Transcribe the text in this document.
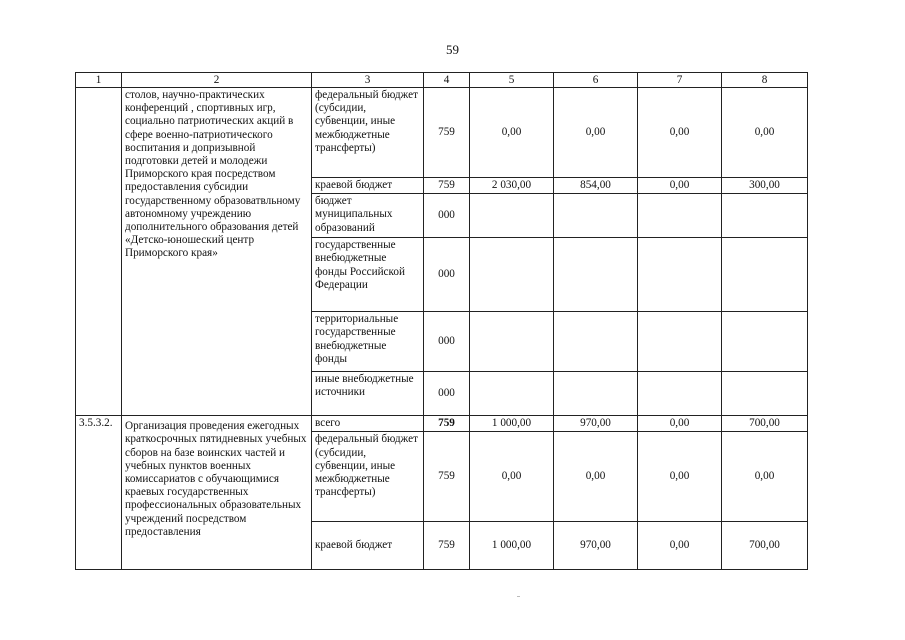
59
1	2	3	4	5	6	7	8
	столов, научно-практических конференций , спортивных игр, социально патриотических акций в сфере военно-патриотического воспитания и допризывной подготовки детей и молодежи Приморского края посредством предоставления субсидии государственному образоватвльному автономному учреждению дополнительного образования детей «Детско-юношеский центр Приморского края»	федеральный бюджет (субсидии, субвенции, иные межбюджетные трансферты)	759	0,00	0,00	0,00	0,00
		краевой бюджет	759	2 030,00	854,00	0,00	300,00
		бюджет муниципальных образований	000				
		государственные внебюджетные фонды Российской Федерации	000				
		территориальные государственные внебюджетные фонды	000				
		иные внебюджетные источники	000				
3.5.3.2.	Организация проведения ежегодных краткосрочных пятидневных учебных сборов на базе воинских частей и учебных пунктов военных комиссариатов с обучающимися краевых государственных профессиональных образовательных учреждений посредством предоставления	всего	759	1 000,00	970,00	0,00	700,00
		федеральный бюджет (субсидии, субвенции, иные межбюджетные трансферты)	759	0,00	0,00	0,00	0,00
		краевой бюджет	759	1 000,00	970,00	0,00	700,00
